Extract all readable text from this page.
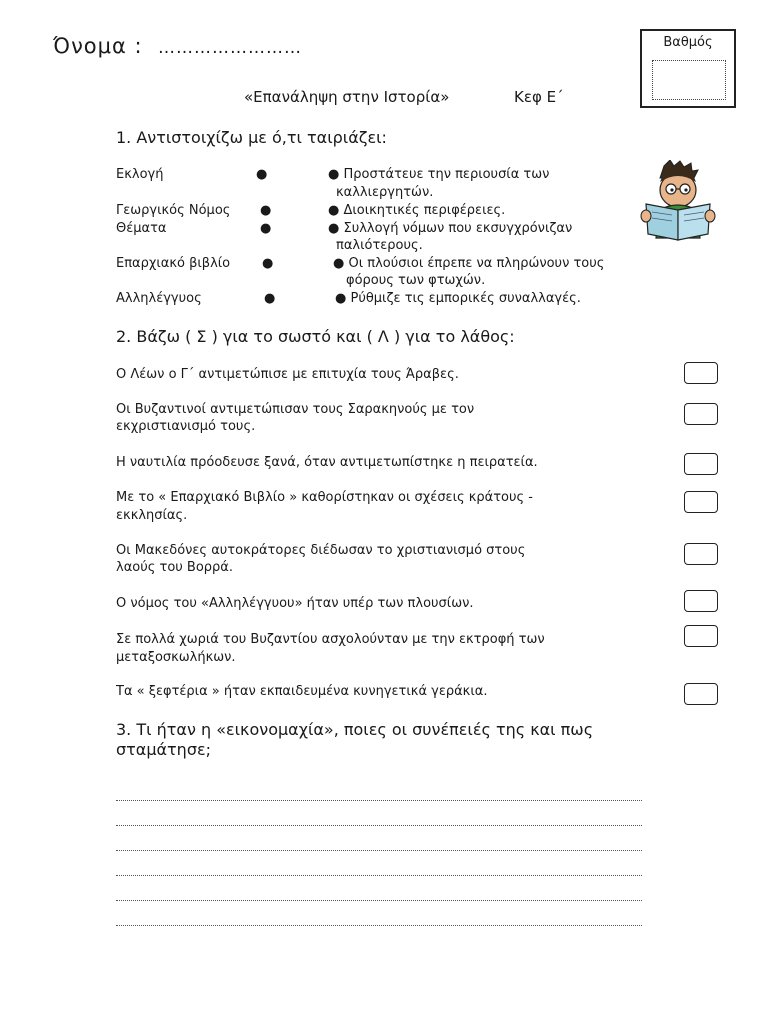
Όνομα : ……………………	Βαθμός
«Επανάληψη στην Ιστορία»	Κεφ Ε΄
1. Αντιστοιχίζω με ό,τι ταιριάζει:
Εκλογή
Γεωργικός Νόμος
Θέματα
Επαρχιακό βιβλίο
Αλληλέγγυος
●
●
●
●
●
● Προστάτευε την περιουσία των
καλλιεργητών.
● Διοικητικές περιφέρειες.
● Συλλογή νόμων που εκσυγχρόνιζαν
παλιότερους.
● Οι πλούσιοι έπρεπε να πληρώνουν τους
φόρους των φτωχών.
● Ρύθμιζε τις εμπορικές συναλλαγές.
2. Βάζω ( Σ ) για το σωστό και ( Λ ) για το λάθος:
Ο Λέων ο Γ΄ αντιμετώπισε με επιτυχία τους Άραβες.
Οι Βυζαντινοί αντιμετώπισαν τους Σαρακηνούς με τον
εκχριστιανισμό τους.
Η ναυτιλία πρόοδευσε ξανά, όταν αντιμετωπίστηκε η πειρατεία.
Με το « Επαρχιακό Βιβλίο » καθορίστηκαν οι σχέσεις κράτους -
εκκλησίας.
Οι Μακεδόνες αυτοκράτορες διέδωσαν το χριστιανισμό στους
λαούς του Βορρά.
Ο νόμος του «Αλληλέγγυου» ήταν υπέρ των πλουσίων.
Σε πολλά χωριά του Βυζαντίου ασχολούνταν με την εκτροφή των
μεταξοσκωλήκων.
Τα « ξεφτέρια » ήταν εκπαιδευμένα κυνηγετικά γεράκια.
3. Τι ήταν η «εικονομαχία», ποιες οι συνέπειές της και πως σταμάτησε;
